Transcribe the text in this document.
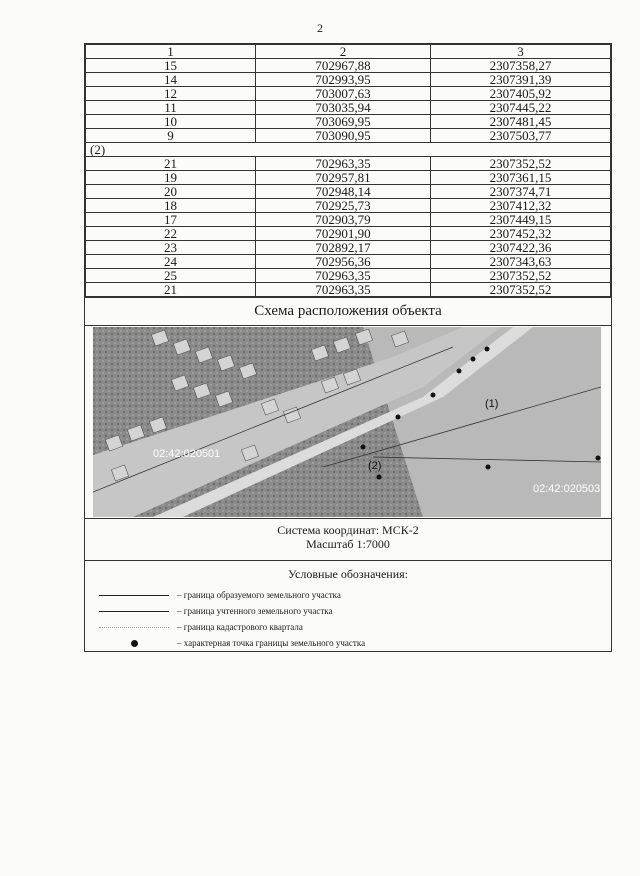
2
1	2	3
15	702967,88	2307358,27
14	702993,95	2307391,39
12	703007,63	2307405,92
11	703035,94	2307445,22
10	703069,95	2307481,45
9	703090,95	2307503,77
(2)		
21	702963,35	2307352,52
19	702957,81	2307361,15
20	702948,14	2307374,71
18	702925,73	2307412,32
17	702903,79	2307449,15
22	702901,90	2307452,32
23	702892,17	2307422,36
24	702956,36	2307343,63
25	702963,35	2307352,52
21	702963,35	2307352,52
Схема расположения объекта
02:42:020501
02:42:020503
(1)
(2)
Система координат: МСК-2
Масштаб 1:7000
Условные обозначения:
– граница образуемого земельного участка
– граница учтенного земельного участка
– граница кадастрового квартала
– характерная точка границы земельного участка
